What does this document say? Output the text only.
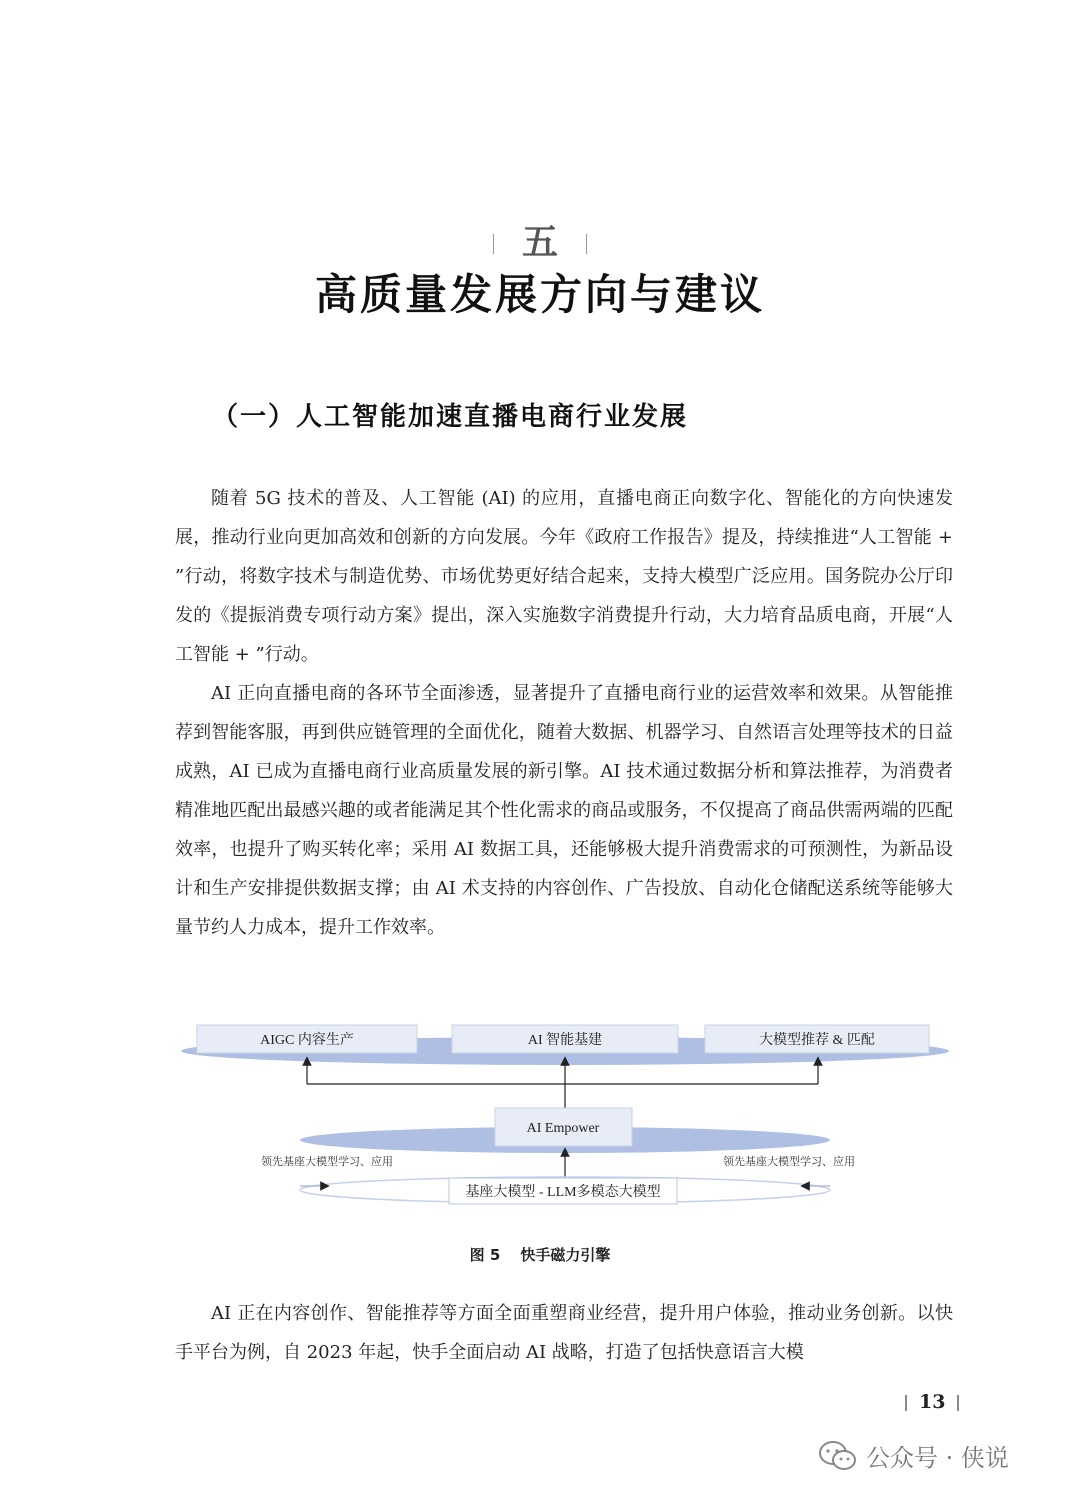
五
高质量发展方向与建议
（一）人工智能加速直播电商行业发展

随着 5G 技术的普及、人工智能 (AI) 的应用，直播电商正向数字化、智能化的方向快速发展，推动行业向更加高效和创新的方向发展。今年《政府工作报告》提及，持续推进“人工智能 + ”行动，将数字技术与制造优势、市场优势更好结合起来，支持大模型广泛应用。国务院办公厅印发的《提振消费专项行动方案》提出，深入实施数字消费提升行动，大力培育品质电商，开展“人工智能 + ”行动。

AI 正向直播电商的各环节全面渗透，显著提升了直播电商行业的运营效率和效果。从智能推荐到智能客服，再到供应链管理的全面优化，随着大数据、机器学习、自然语言处理等技术的日益成熟，AI 已成为直播电商行业高质量发展的新引擎。AI 技术通过数据分析和算法推荐，为消费者精准地匹配出最感兴趣的或者能满足其个性化需求的商品或服务，不仅提高了商品供需两端的匹配效率，也提升了购买转化率；采用 AI 数据工具，还能够极大提升消费需求的可预测性，为新品设计和生产安排提供数据支撑；由 AI 术支持的内容创作、广告投放、自动化仓储配送系统等能够大量节约人力成本，提升工作效率。

AIGC 内容生产	AI 智能基建	大模型推荐 & 匹配
AI Empower
领先基座大模型学习、应用	领先基座大模型学习、应用
基座大模型 - LLM多模态大模型
图 5 快手磁力引擎

AI 正在内容创作、智能推荐等方面全面重塑商业经营，提升用户体验，推动业务创新。以快手平台为例，自 2023 年起，快手全面启动 AI 战略，打造了包括快意语言大模

13
公众号 · 侠说
